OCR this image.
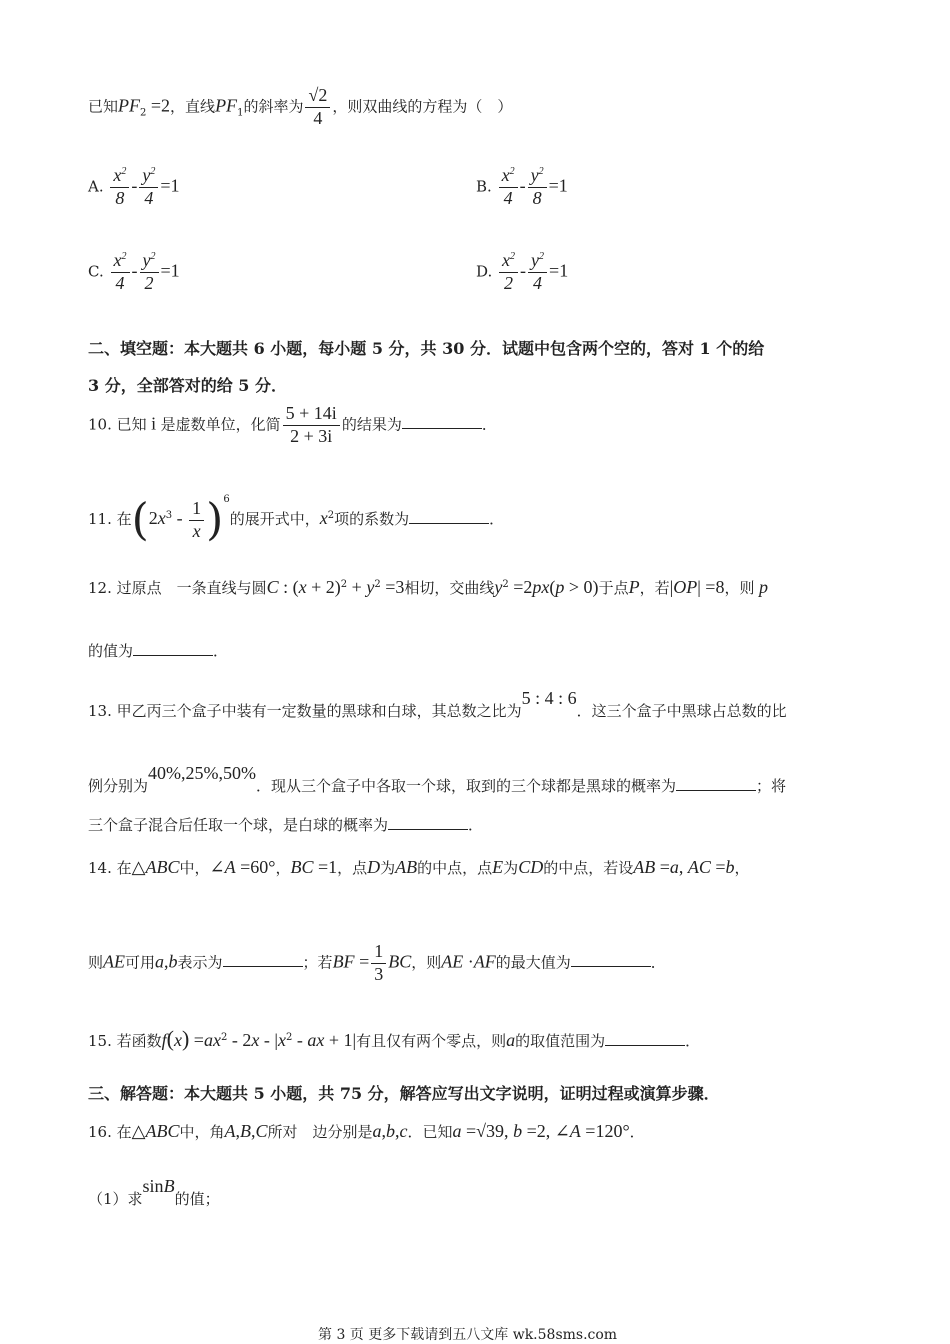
已知$PF_2 =2$，直线$PF_1$的斜率为 $\frac{√2}{4}$ ，则双曲线的方程为（　）
A. $\frac{x^2}{8} - \frac{y^2}{4} =1$	B. $\frac{x^2}{4} - \frac{y^2}{8} =1$
C. $\frac{x^2}{4} - \frac{y^2}{2} =1$	D. $\frac{x^2}{2} - \frac{y^2}{4} =1$
二、填空题：本大题共 6 小题，每小题 5 分，共 30 分．试题中包含两个空的，答对 1 个的给
3 分，全部答对的给 5 分．
10. 已知 i 是虚数单位，化简 $\frac{5 + 14i}{2 + 3i}$ 的结果为	．
11. 在$(2x^3 - \frac{1}{x} )^6$的展开式中，$x^2$项的系数为	．
12. 过原点　一条直线与圆C : $(x + 2)^2 + y^2 =3$相切，交曲线$y^2 =2px(p > 0)$于点P，若|OP| =8，则 p
的值为	．
13. 甲乙丙三个盒子中装有一定数量的黑球和白球，其总数之比为5 : 4 : 6．这三个盒子中黑球占总数的比
例分别为40%,25%,50%．现从三个盒子中各取一个球，取到的三个球都是黑球的概率为	；将
三个盒子混合后任取一个球，是白球的概率为	．
14. 在△ABC中，∠A =60°，BC =1，点D为AB的中点，点E为CD的中点，若设AB =a, AC =b，
则AE可用a,b表示为	；若BF = $\frac{1}{3}$ BC，则AE ·AF的最大值为	．
15. 若函数$f(x) =ax^2 - 2x - |x^2$ - ax + 1|有且仅有两个零点，则a的取值范围为	．
三、解答题：本大题共 5 小题，共 75 分，解答应写出文字说明，证明过程或演算步骤．
16. 在△ABC中，角A,B,C所对　边分别是a,b,c．已知a =√39, b =2, ∠A =120°．
（1）求sinB的值；
第 3 页 更多下载请到五八文库 wk.58sms.com
